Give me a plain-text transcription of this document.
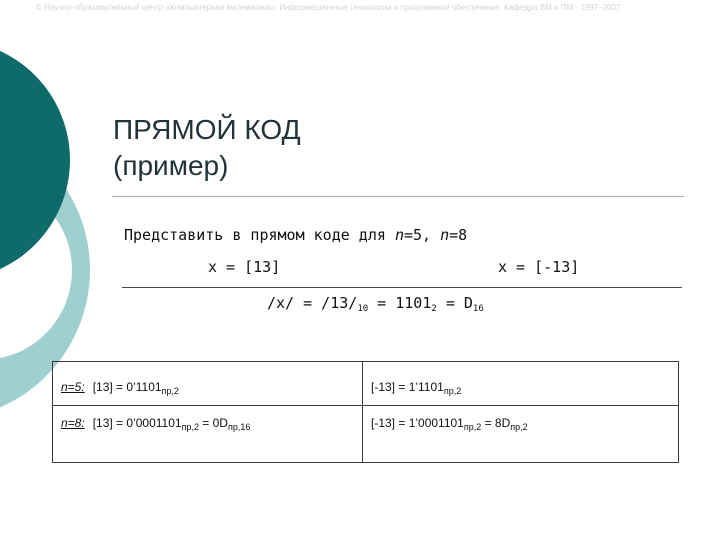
© Научно-образовательный центр «Компьютерная математика». Информационные технологии и программное обеспечение. Кафедра ВМ и ПМ · 1997–2007
ПРЯМОЙ КОД
(пример)
Представить в прямом коде для n=5, n=8
x = [13]	x = [-13]
$/x/ = /13/_{10} = 1101_2 = D_{16}$
n=5: $[13] = 0’1101_{пр,2}$	$[-13] = 1’1101_{пр,2}$
n=8: $[13] = 0’0001101_{пр,2} = 0D_{пр,16}$	$[-13] = 1’0001101_{пр,2} = 8D_{пр,2}$
